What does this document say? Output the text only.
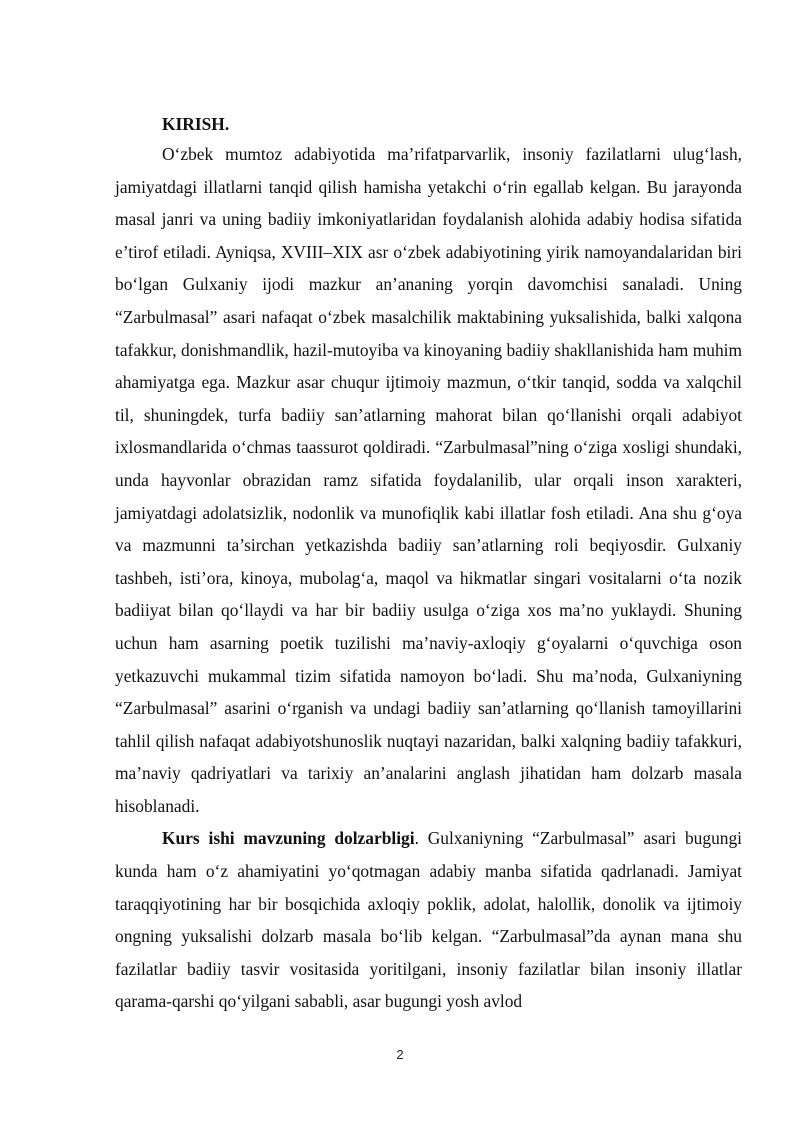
KIRISH.

O‘zbek mumtoz adabiyotida ma’rifatparvarlik, insoniy fazilatlarni ulug‘lash, jamiyatdagi illatlarni tanqid qilish hamisha yetakchi o‘rin egallab kelgan. Bu jarayonda masal janri va uning badiiy imkoniyatlaridan foydalanish alohida adabiy hodisa sifatida e’tirof etiladi. Ayniqsa, XVIII–XIX asr o‘zbek adabiyotining yirik namoyandalaridan biri bo‘lgan Gulxaniy ijodi mazkur an’ananing yorqin davomchisi sanaladi. Uning “Zarbulmasal” asari nafaqat o‘zbek masalchilik maktabining yuksalishida, balki xalqona tafakkur, donishmandlik, hazil-mutoyiba va kinoyaning badiiy shakllanishida ham muhim ahamiyatga ega. Mazkur asar chuqur ijtimoiy mazmun, o‘tkir tanqid, sodda va xalqchil til, shuningdek, turfa badiiy san’atlarning mahorat bilan qo‘llanishi orqali adabiyot ixlosmandlarida o‘chmas taassurot qoldiradi. “Zarbulmasal”ning o‘ziga xosligi shundaki, unda hayvonlar obrazidan ramz sifatida foydalanilib, ular orqali inson xarakteri, jamiyatdagi adolatsizlik, nodonlik va munofiqlik kabi illatlar fosh etiladi. Ana shu g‘oya va mazmunni ta’sirchan yetkazishda badiiy san’atlarning roli beqiyosdir. Gulxaniy tashbeh, isti’ora, kinoya, mubolag‘a, maqol va hikmatlar singari vositalarni o‘ta nozik badiiyat bilan qo‘llaydi va har bir badiiy usulga o‘ziga xos ma’no yuklaydi. Shuning uchun ham asarning poetik tuzilishi ma’naviy-axloqiy g‘oyalarni o‘quvchiga oson yetkazuvchi mukammal tizim sifatida namoyon bo‘ladi. Shu ma’noda, Gulxaniyning “Zarbulmasal” asarini o‘rganish va undagi badiiy san’atlarning qo‘llanish tamoyillarini tahlil qilish nafaqat adabiyotshunoslik nuqtayi nazaridan, balki xalqning badiiy tafakkuri, ma’naviy qadriyatlari va tarixiy an’analarini anglash jihatidan ham dolzarb masala hisoblanadi.

Kurs ishi mavzuning dolzarbligi. Gulxaniyning “Zarbulmasal” asari bugungi kunda ham o‘z ahamiyatini yo‘qotmagan adabiy manba sifatida qadrlanadi. Jamiyat taraqqiyotining har bir bosqichida axloqiy poklik, adolat, halollik, donolik va ijtimoiy ongning yuksalishi dolzarb masala bo‘lib kelgan. “Zarbulmasal”da aynan mana shu fazilatlar badiiy tasvir vositasida yoritilgani, insoniy fazilatlar bilan insoniy illatlar qarama-qarshi qo‘yilgani sababli, asar bugungi yosh avlod

2
